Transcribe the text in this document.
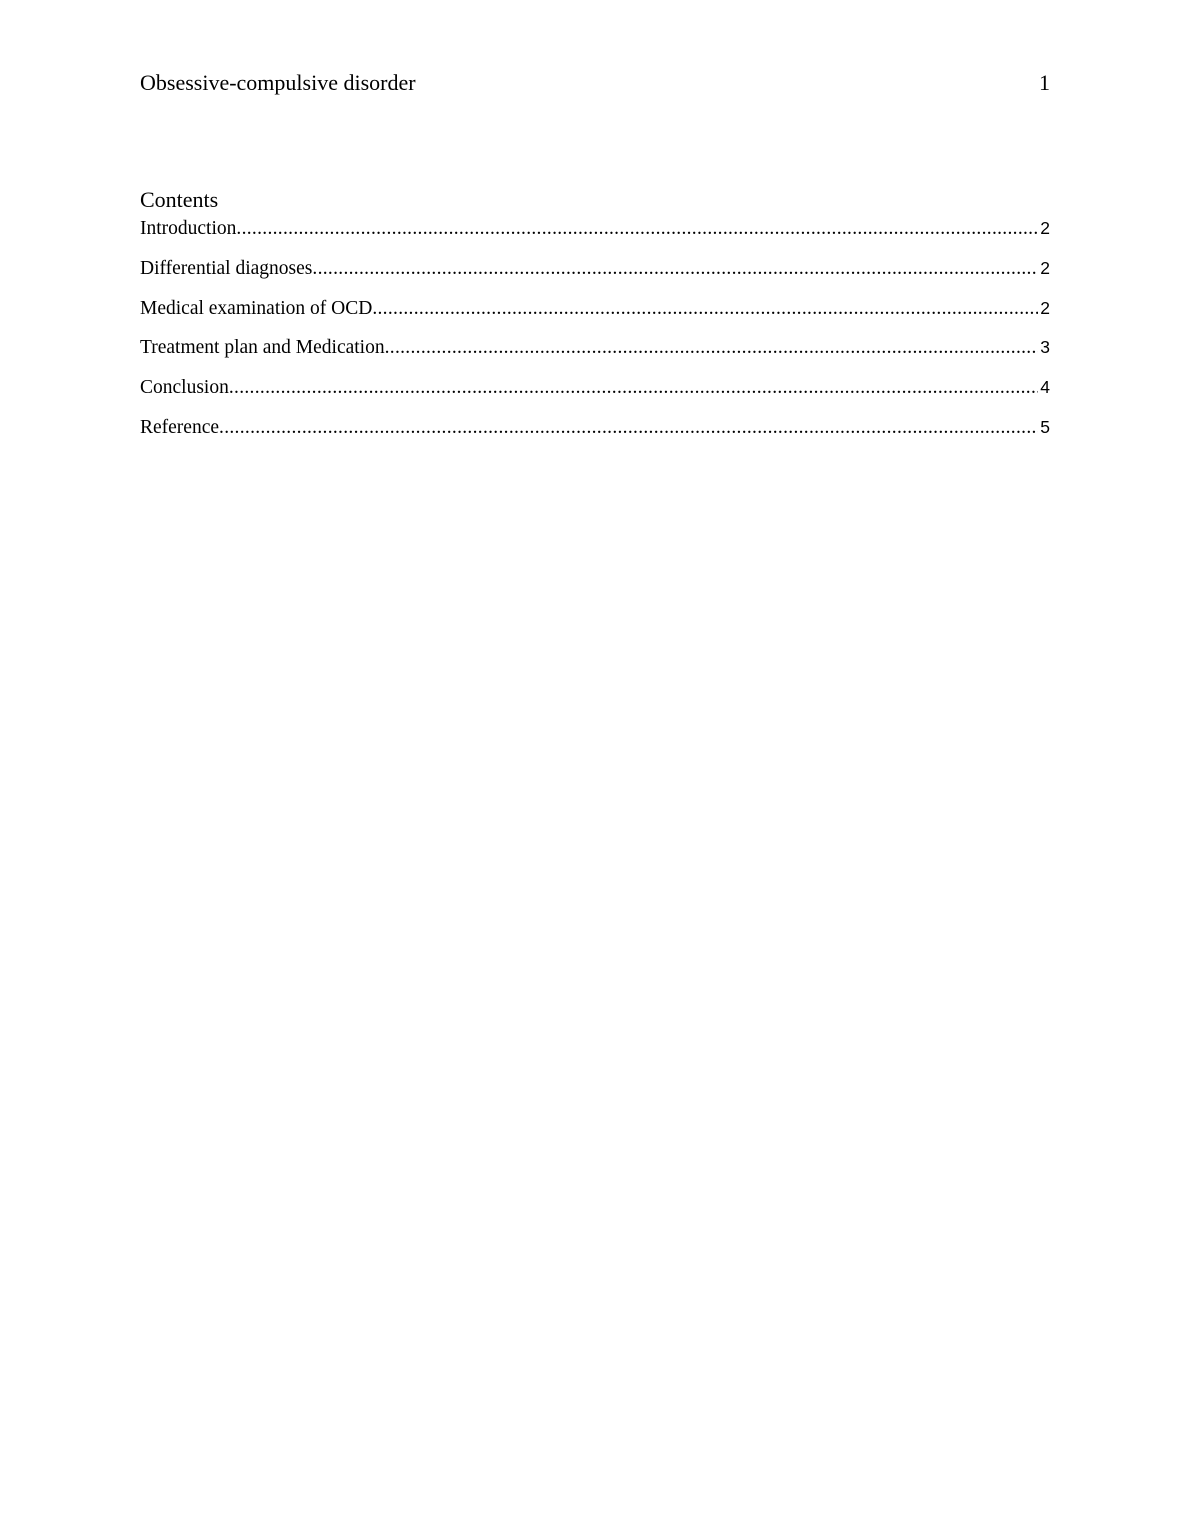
Obsessive-compulsive disorder	1
Contents
Introduction .....	2
Differential diagnoses .....	2
Medical examination of OCD .....	2
Treatment plan and Medication .....	3
Conclusion .....	4
Reference .....	5
